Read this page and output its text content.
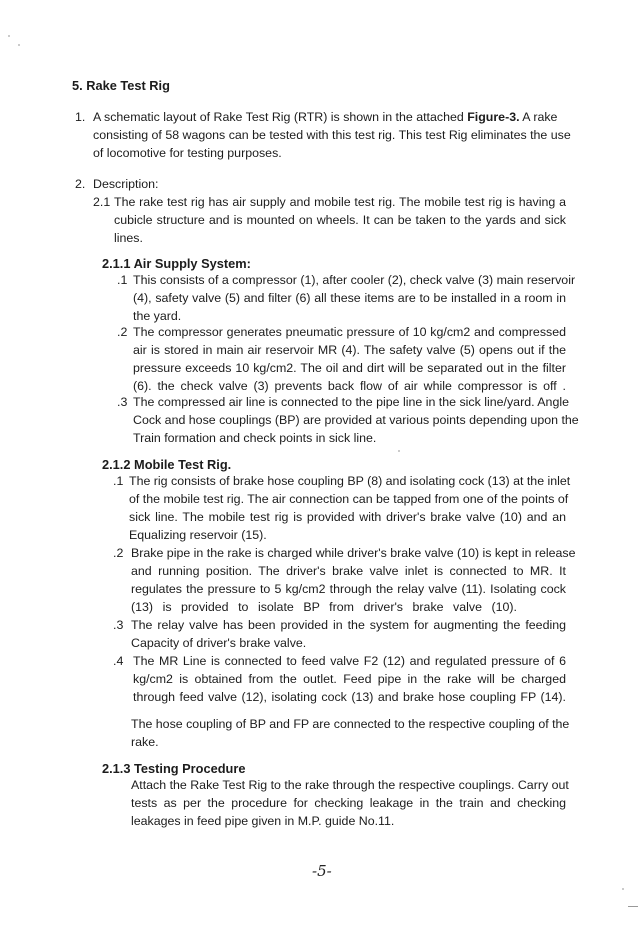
5. Rake Test Rig
1. A schematic layout of Rake Test Rig (RTR) is shown in the attached Figure-3. A rake
consisting of 58 wagons can be tested with this test rig. This test Rig eliminates the use
of locomotive for testing purposes.
2. Description:
2.1 The rake test rig has air supply and mobile test rig. The mobile test rig is having a
cubicle structure and is mounted on wheels. It can be taken to the yards and sick
lines.
2.1.1 Air Supply System:
.1 This consists of a compressor (1), after cooler (2), check valve (3) main reservoir
(4), safety valve (5) and filter (6) all these items are to be installed in a room in
the yard.
.2 The compressor generates pneumatic pressure of 10 kg/cm2 and compressed
air is stored in main air reservoir MR (4). The safety valve (5) opens out if the
pressure exceeds 10 kg/cm2. The oil and dirt will be separated out in the filter
(6). the check valve (3) prevents back flow of air while compressor is off .
.3 The compressed air line is connected to the pipe line in the sick line/yard. Angle
Cock and hose couplings (BP) are provided at various points depending upon the
Train formation and check points in sick line.
2.1.2 Mobile Test Rig.
.1 The rig consists of brake hose coupling BP (8) and isolating cock (13) at the inlet
of the mobile test rig. The air connection can be tapped from one of the points of
sick line. The mobile test rig is provided with driver's brake valve (10) and an
Equalizing reservoir (15).
.2 Brake pipe in the rake is charged while driver's brake valve (10) is kept in release
and running position. The driver's brake valve inlet is connected to MR. It
regulates the pressure to 5 kg/cm2 through the relay valve (11). Isolating cock
(13) is provided to isolate BP from driver's brake valve (10).
.3 The relay valve has been provided in the system for augmenting the feeding
Capacity of driver's brake valve.
.4 The MR Line is connected to feed valve F2 (12) and regulated pressure of 6
kg/cm2 is obtained from the outlet. Feed pipe in the rake will be charged
through feed valve (12), isolating cock (13) and brake hose coupling FP (14).
The hose coupling of BP and FP are connected to the respective coupling of the
rake.
2.1.3 Testing Procedure
Attach the Rake Test Rig to the rake through the respective couplings. Carry out
tests as per the procedure for checking leakage in the train and checking
leakages in feed pipe given in M.P. guide No.11.
-5-
